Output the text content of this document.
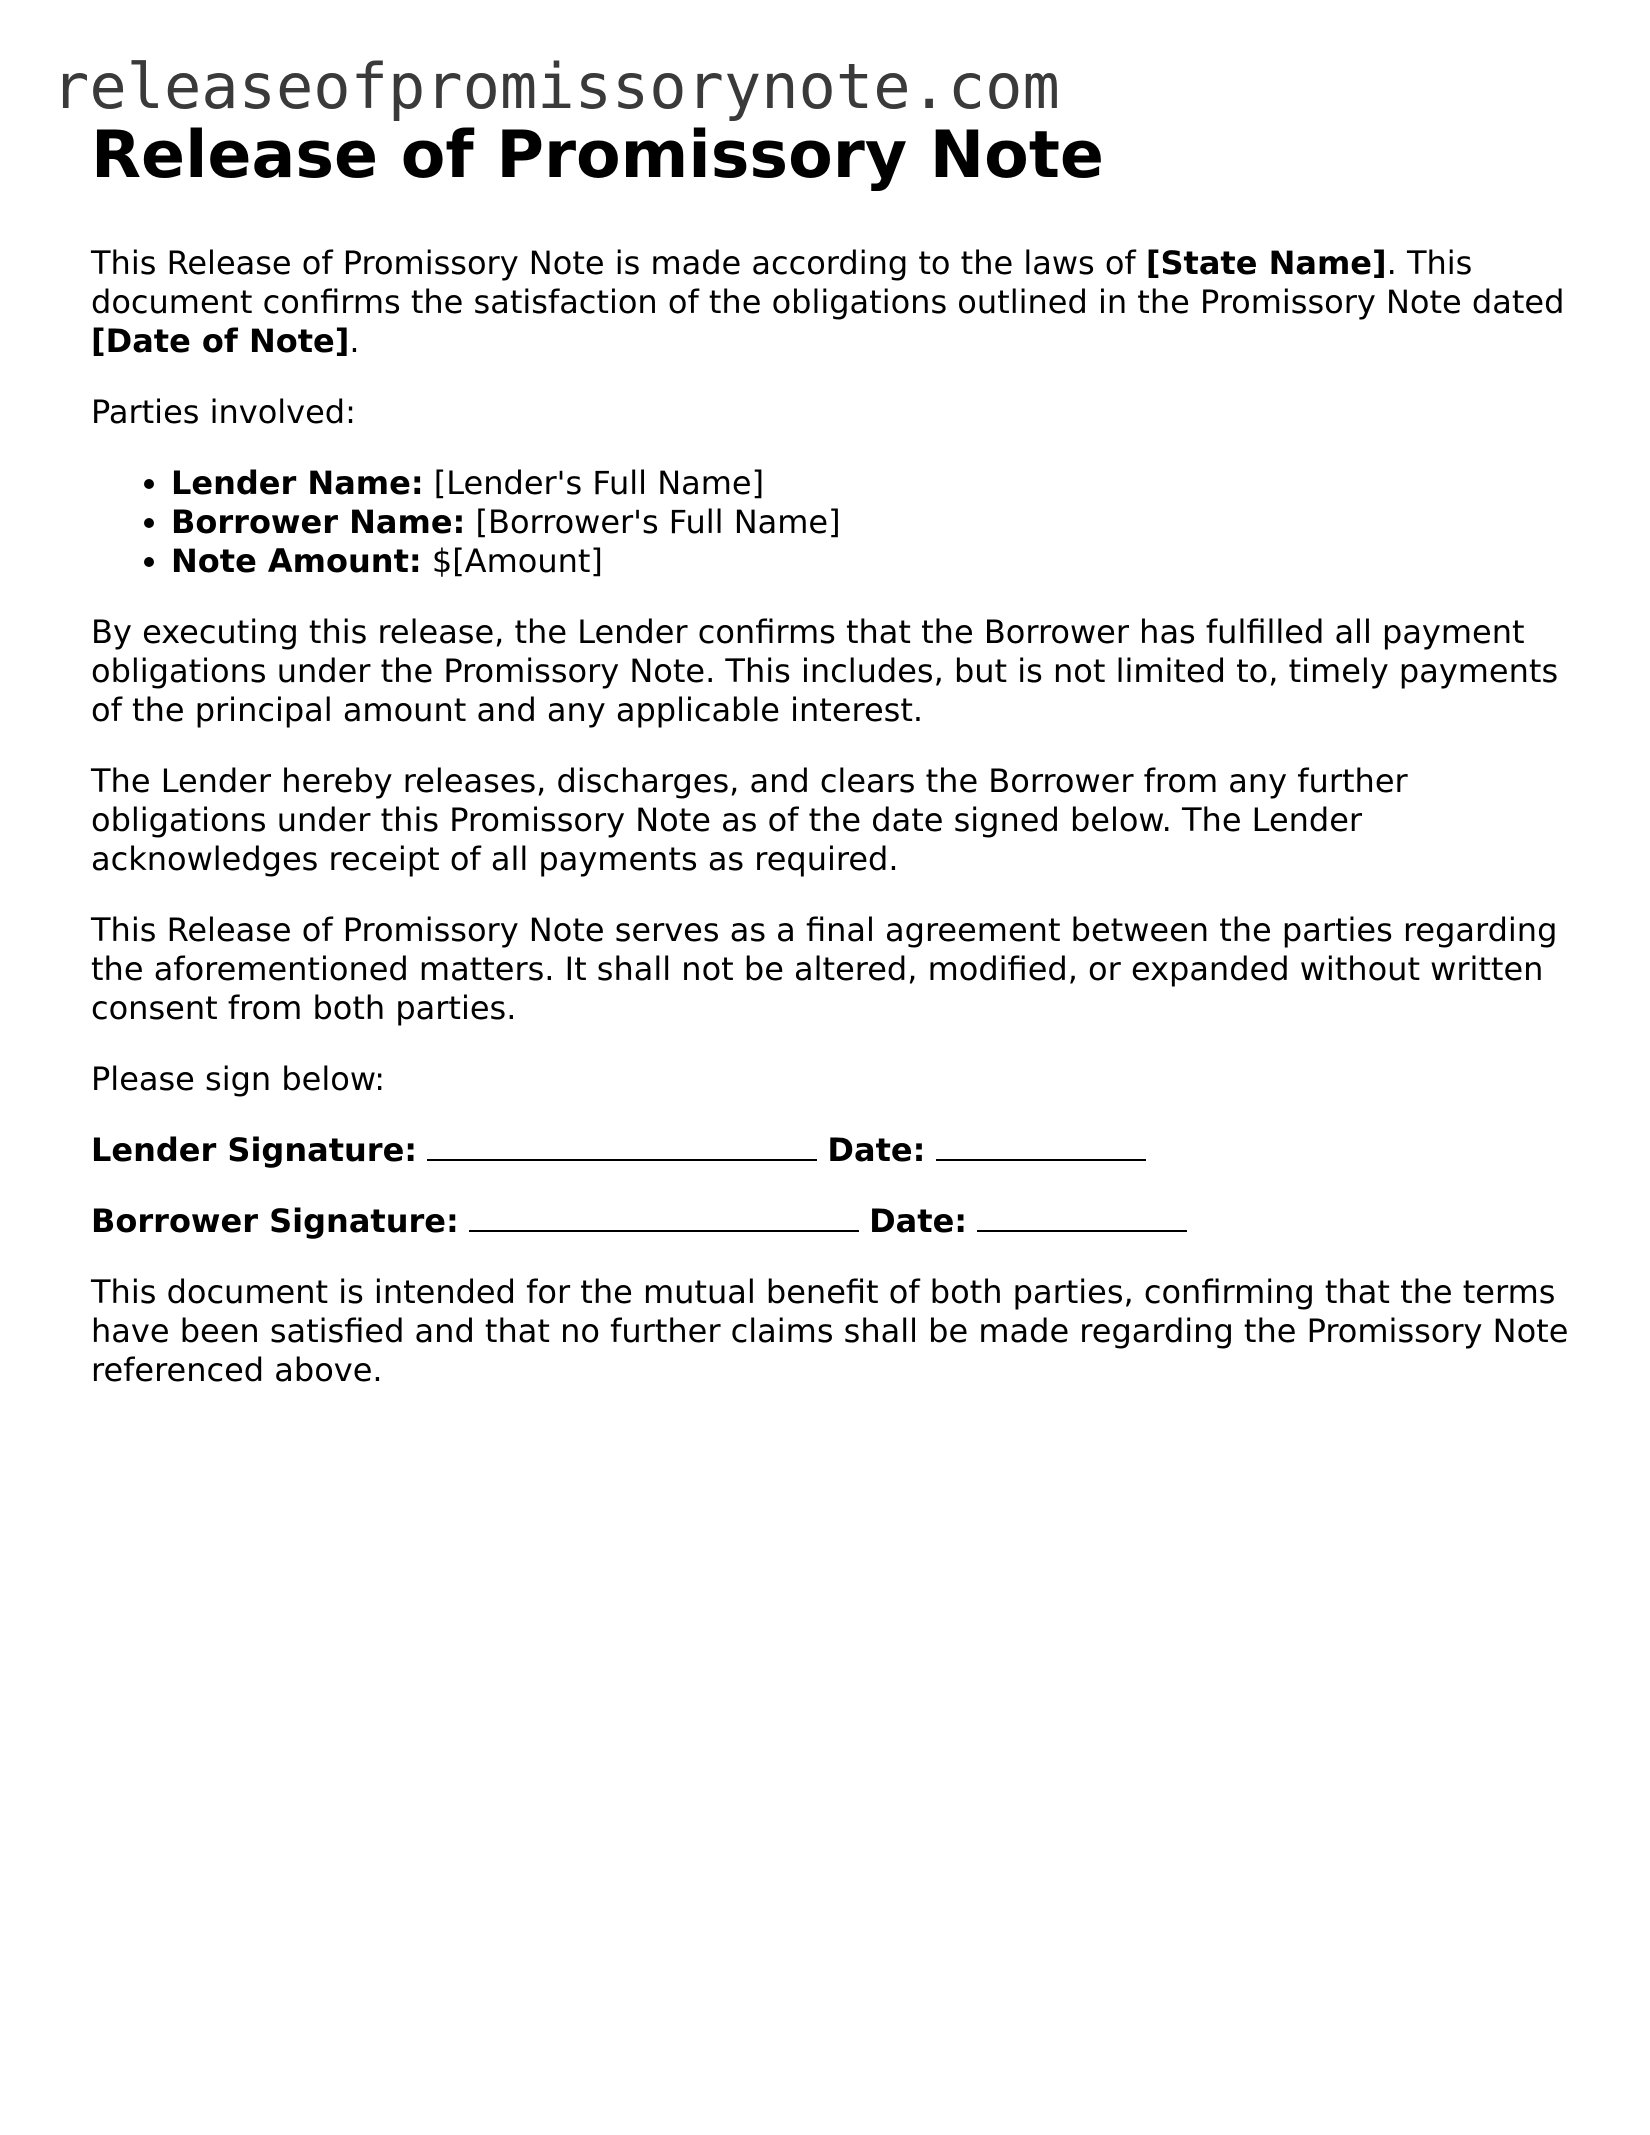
releaseofpromissorynote.com
Release of Promissory Note

This Release of Promissory Note is made according to the laws of [State Name]. This document confirms the satisfaction of the obligations outlined in the Promissory Note dated [Date of Note].

Parties involved:

• Lender Name: [Lender's Full Name]
• Borrower Name: [Borrower's Full Name]
• Note Amount: $[Amount]

By executing this release, the Lender confirms that the Borrower has fulfilled all payment obligations under the Promissory Note. This includes, but is not limited to, timely payments of the principal amount and any applicable interest.

The Lender hereby releases, discharges, and clears the Borrower from any further obligations under this Promissory Note as of the date signed below. The Lender acknowledges receipt of all payments as required.

This Release of Promissory Note serves as a final agreement between the parties regarding the aforementioned matters. It shall not be altered, modified, or expanded without written consent from both parties.

Please sign below:

Lender Signature:	Date:

Borrower Signature:	Date:

This document is intended for the mutual benefit of both parties, confirming that the terms have been satisfied and that no further claims shall be made regarding the Promissory Note referenced above.
